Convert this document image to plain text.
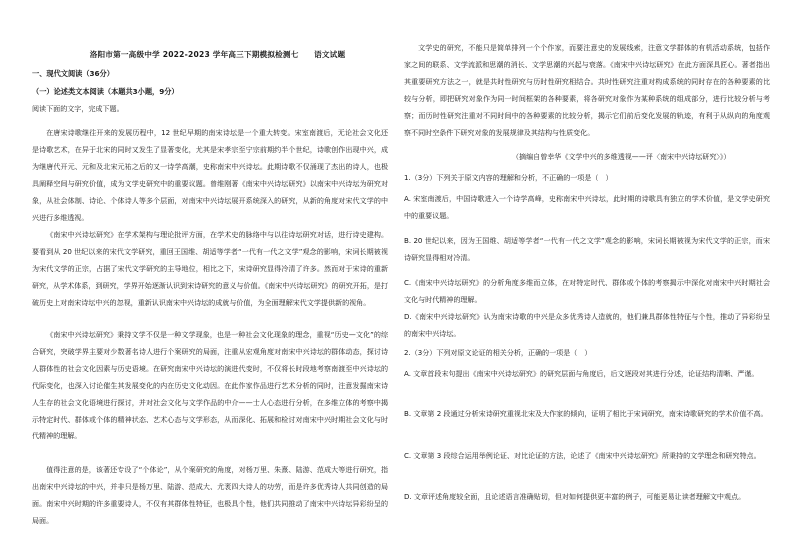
洛阳市第一高级中学 2022-2023 学年高三下期模拟检测七　　语文试题
一、现代文阅读（36分）
（一）论述类文本阅读（本题共3小题，9分）
阅读下面的文字，完成下题。
在唐宋诗歌继往开来的发展历程中，12 世纪早期的南宋诗坛是一个重大转变。宋室南渡后，无论社会文化还是诗歌艺术，在异于北宋的同时又发生了显著变化，尤其是宋孝宗至宁宗前期约半个世纪，诗歌创作出现中兴，成为继唐代开元、元和及北宋元祐之后的又一诗学高潮，史称南宋中兴诗坛。此期诗歌不仅涌现了杰出的诗人，也极具阐释空间与研究价值，成为文学史研究中的重要议题。曾维刚著《南宋中兴诗坛研究》以南宋中兴诗坛为研究对象，从社会体制、诗论、个体诗人等多个层面，对南宋中兴诗坛展开系统深入的研究，从新的角度对宋代文学的中兴进行多维透视。
《南宋中兴诗坛研究》在学术架构与理论批评方面，在学术史的脉络中与以往诗坛研究对话，进行诗史建构。要看到从 20 世纪以来的宋代文学研究，重回王国维、胡适等学者“一代有一代之文学”观念的影响，宋词长期被视为宋代文学的正宗，占据了宋代文学研究的主导地位，相比之下，宋诗研究显得冷清了许多。然而对于宋诗的重新研究，从学术体系，到研究，学界开始逐渐认识到宋诗研究的意义与价值。《南宋中兴诗坛研究》的研究开拓，是打破历史上对南宋诗坛中兴的忽视，重新认识南宋中兴诗坛的成就与价值，为全面理解宋代文学提供新的视角。
《南宋中兴诗坛研究》秉持文学不仅是一种文学现象，也是一种社会文化现象的理念，重视“历史—文化”的综合研究，突破学界主要对少数著名诗人进行个案研究的局面，注重从宏观角度对南宋中兴诗坛的群体动态，探讨诗人群体性的社会文化因素与历史语境。在研究南宋中兴诗坛的演进代变时，不仅将长时段地考察南渡至中兴诗坛的代际变化，也深入讨论催生其发展变化的内在历史文化动因。在此作家作品进行艺术分析的同时，注意发掘南宋诗人生存的社会文化语境进行探讨，并对社会文化与文学作品的中介——士人心态进行分析，在多维立体的考察中揭示特定时代、群体或个体的精神状态、艺术心态与文学形态，从而深化、拓展和检讨对南宋中兴时期社会文化与时代精神的理解。
值得注意的是，该著还专设了“个体论”，从个案研究的角度，对杨万里、朱熹、陆游、范成大等进行研究，指出南宋中兴诗坛的中兴，并非只是杨万里、陆游、范成大、尤袤四大诗人的功劳，而是许多优秀诗人共同创造的局面。南宋中兴时期的许多重要诗人，不仅有其群体性特征，也极具个性，他们共同推动了南宋中兴诗坛异彩纷呈的局面。
文学史的研究，不能只是简单排列一个个作家，而要注意史的发展线索，注意文学群体的有机活动系统，包括作家之间的联系、文学流派和思潮的消长、文学思潮的兴起与衰落。《南宋中兴诗坛研究》在此方面深具匠心。著者指出其重要研究方法之一，就是共时性研究与历时性研究相结合。共时性研究注重对构成系统的同时存在的各种要素的比较与分析，即把研究对象作为同一时间框架的各种要素，将各研究对象作为某种系统的组成部分，进行比较分析与考察；而历时性研究注重对不同时间中的各种要素的比较分析，揭示它们前后变化发展的轨迹，有利于从纵向的角度观察不同时空条件下研究对象的发展规律及其结构与性质变化。
（摘编自曾幸华《文学中兴的多维透视——评〈南宋中兴诗坛研究〉》）
1.（3分）下列关于原文内容的理解和分析，不正确的一项是（　）
A. 宋室南渡后，中国诗歌进入一个诗学高峰，史称南宋中兴诗坛，此时期的诗歌具有独立的学术价值，是文学史研究中的重要议题。
B. 20 世纪以来，因为王国维、胡适等学者“一代有一代之文学”观念的影响，宋词长期被视为宋代文学的正宗，而宋诗研究显得相对冷清。
C.《南宋中兴诗坛研究》的分析角度多维而立体，在对特定时代、群体或个体的考察揭示中深化对南宋中兴时期社会文化与时代精神的理解。
D.《南宋中兴诗坛研究》认为南宋诗歌的中兴是众多优秀诗人造就的，他们兼具群体性特征与个性，推动了异彩纷呈的南宋中兴诗坛。
2.（3分）下列对原文论证的相关分析，正确的一项是（　）
A. 文章首段末句提出《南宋中兴诗坛研究》的研究层面与角度后，后文逐段对其进行分述，论证结构清晰、严谨。
B. 文章第 2 段通过分析宋诗研究重视北宋及大作家的倾向，证明了相比于宋词研究，南宋诗歌研究的学术价值不高。
C. 文章第 3 段综合运用举例论证、对比论证的方法，论述了《南宋中兴诗坛研究》所秉持的文学理念和研究特点。
D. 文章评述角度较全面，且论述语言准确贴切，但对如何提供更丰富的例子，可能更易让读者理解文中观点。
